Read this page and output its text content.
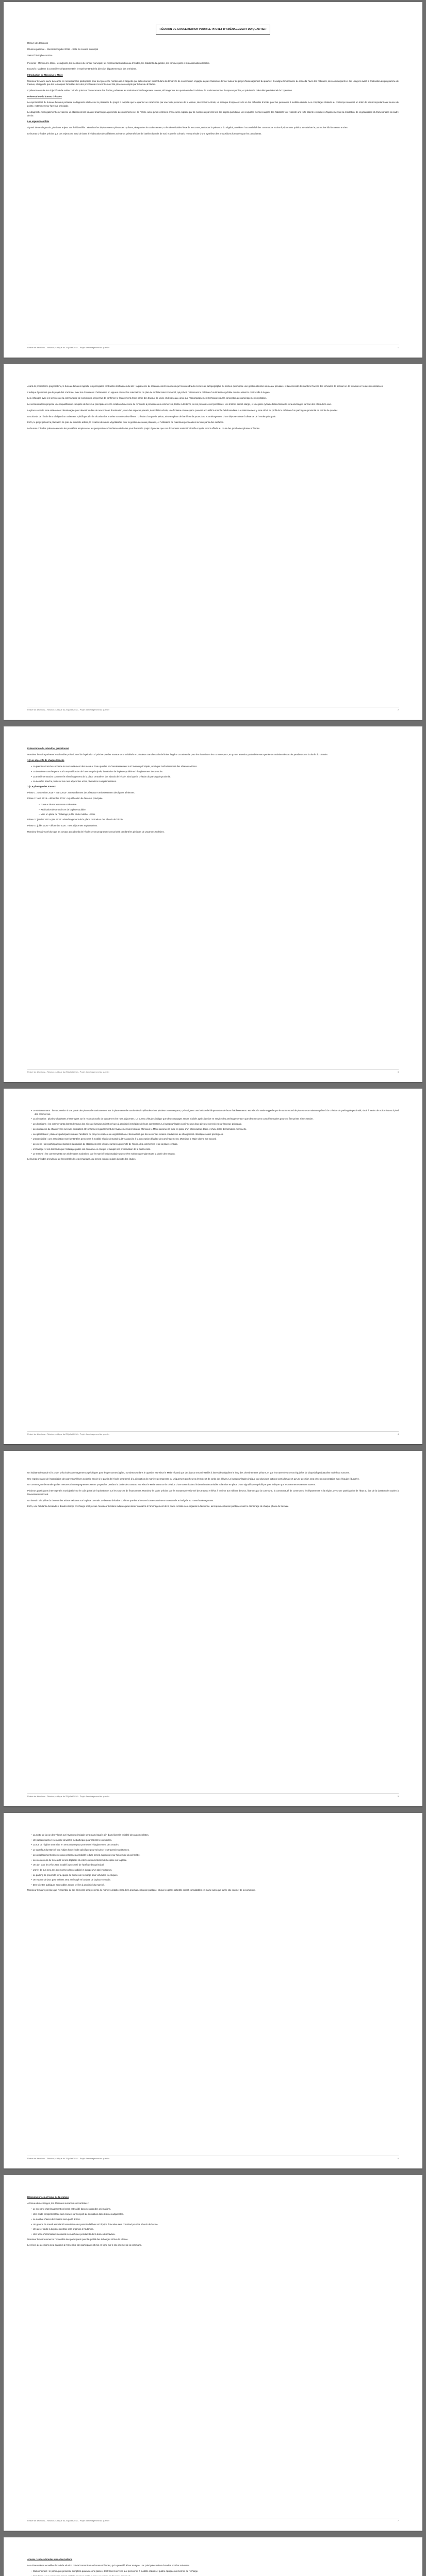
RÉUNION DE CONCERTATION POUR LE PROJET D’AMÉNAGEMENT DU QUARTIER

Relevé de décisions

Réunion publique – Mercredi 25 juillet 2018 – Salle du conseil municipal

Saint-Christophe-sur-Roc

Présents : Monsieur le Maire, les adjoints, les membres du conseil municipal, les représentants du bureau d’études, les habitants du quartier, les commerçants et les associations locales.

Excusés : Madame la conseillère départementale, le représentant de la direction départementale des territoires.

Introduction de Monsieur le Maire

Monsieur le Maire ouvre la séance en remerciant les participants pour leur présence nombreuse. Il rappelle que cette réunion s’inscrit dans la démarche de concertation engagée depuis l’automne dernier autour du projet d’aménagement du quartier. Il souligne l’importance de recueillir l’avis des habitants, des commerçants et des usagers avant la finalisation du programme de travaux, et rappelle que les remarques formulées lors des précédentes rencontres ont été prises en compte par le bureau d’études.

Il présente ensuite les objectifs de la soirée : faire le point sur l’avancement des études, présenter les scénarios d’aménagement retenus, échanger sur les questions de circulation, de stationnement et d’espaces publics, et préciser le calendrier prévisionnel de l’opération.

Présentation du bureau d’études

Le représentant du bureau d’études présente le diagnostic réalisé sur le périmètre du projet. Il rappelle que le quartier se caractérise par une forte présence de la voiture, des trottoirs étroits, un manque d’espaces verts et des difficultés d’accès pour les personnes à mobilité réduite. Les comptages réalisés au printemps montrent un trafic de transit important aux heures de pointe, notamment sur l’avenue principale.

Le diagnostic met également en évidence un stationnement souvent anarchique à proximité des commerces et de l’école, ainsi qu’un sentiment d’insécurité exprimé par de nombreux parents lors des trajets quotidiens. Les enquêtes menées auprès des habitants font ressortir une forte attente en matière d’apaisement de la circulation, de végétalisation et d’amélioration du cadre de vie.

Les enjeux identifiés

À partir de ce diagnostic, plusieurs enjeux ont été identifiés : sécuriser les déplacements piétons et cyclistes, réorganiser le stationnement, créer de véritables lieux de rencontre, renforcer la présence du végétal, améliorer l’accessibilité des commerces et des équipements publics, et valoriser le patrimoine bâti du centre ancien.

Le bureau d’études précise que ces enjeux ont servi de base à l’élaboration des différents scénarios présentés lors de l’atelier du mois de mai, et que le scénario retenu résulte d’une synthèse des propositions formulées par les participants.

Relevé de décisions – Réunion publique du 25 juillet 2018 – Projet d’aménagement du quartier	1

Avant de présenter le projet retenu, le bureau d’études rappelle les principales contraintes techniques du site : la présence de réseaux enterrés anciens qu’il conviendra de renouveler, la topographie du secteur qui impose une gestion attentive des eaux pluviales, et la nécessité de maintenir l’accès des véhicules de secours et de livraison en toutes circonstances.

Il indique également que le projet doit s’articuler avec les documents d’urbanisme en vigueur et avec les orientations du plan de mobilité intercommunal, qui prévoit notamment la création d’un itinéraire cyclable continu reliant le centre-ville à la gare.

Les échanges avec les services de la communauté de communes ont permis de confirmer le financement d’une partie des travaux de voirie et de réseaux, ainsi que l’accompagnement technique pour la conception des aménagements cyclables.

Le scénario retenu propose une requalification complète de l’avenue principale avec la création d’une zone de rencontre à proximité des commerces, limitée à 20 km/h, où les piétons seront prioritaires. Les trottoirs seront élargis, et une piste cyclable bidirectionnelle sera aménagée sur l’un des côtés de la voie.

La place centrale sera entièrement réaménagée pour devenir un lieu de rencontre et d’animation, avec des espaces plantés, du mobilier urbain, une fontaine et un espace pouvant accueillir le marché hebdomadaire. Le stationnement y sera réduit au profit de la création d’un parking de proximité en entrée de quartier.

Les abords de l’école feront l’objet d’un traitement spécifique afin de sécuriser les entrées et sorties des élèves : création d’un parvis piéton, mise en place de barrières de protection, et aménagement d’une dépose-minute à distance de l’entrée principale.

Enfin, le projet prévoit la plantation de près de soixante arbres, la création de noues végétalisées pour la gestion des eaux pluviales, et l’utilisation de matériaux perméables sur une partie des surfaces.

Le bureau d’études présente ensuite les premières esquisses et les perspectives d’ambiance réalisées pour illustrer le projet. Il précise que ces documents restent indicatifs et qu’ils seront affinés au cours des prochaines phases d’études.

Relevé de décisions – Réunion publique du 25 juillet 2018 – Projet d’aménagement du quartier	2

Présentation du calendrier prévisionnel

Monsieur le Maire présente le calendrier prévisionnel de l’opération. Il précise que les travaux seront réalisés en plusieurs tranches afin de limiter la gêne occasionnée pour les riverains et les commerçants, et qu’une attention particulière sera portée au maintien des accès pendant toute la durée du chantier.

1 ) Les objectifs de chaque tranche

•  La première tranche concerne le renouvellement des réseaux d’eau potable et d’assainissement sur l’avenue principale, ainsi que l’enfouissement des réseaux aériens.

•  La deuxième tranche porte sur la requalification de l’avenue principale, la création de la piste cyclable et l’élargissement des trottoirs.

•  La troisième tranche concerne le réaménagement de la place centrale et des abords de l’école, ainsi que la création du parking de proximité.

•  La dernière tranche porte sur les rues adjacentes et les plantations complémentaires.

2 ) Le phasage des travaux

Phase 1 : septembre 2018 – mars 2019 : renouvellement des réseaux et enfouissement des lignes aériennes.

Phase 2 : avril 2019 – décembre 2019 : requalification de l’avenue principale.

– Travaux de terrassement et de voirie.

– Réalisation des trottoirs et de la piste cyclable.

– Mise en place de l’éclairage public et du mobilier urbain.

Phase 3 : janvier 2020 – juin 2020 : réaménagement de la place centrale et des abords de l’école.

Phase 4 : juillet 2020 – décembre 2020 : rues adjacentes et plantations.

Monsieur le Maire précise que les travaux aux abords de l’école seront programmés en priorité pendant les périodes de vacances scolaires.

Relevé de décisions – Réunion publique du 25 juillet 2018 – Projet d’aménagement du quartier	3

•  Le stationnement : la suppression d’une partie des places de stationnement sur la place centrale suscite des inquiétudes chez plusieurs commerçants, qui craignent une baisse de fréquentation de leurs établissements. Monsieur le Maire rappelle que le nombre total de places sera maintenu grâce à la création du parking de proximité, situé à moins de trois minutes à pied des commerces.

•  La circulation : plusieurs habitants s’interrogent sur le report du trafic de transit vers les rues adjacentes. Le bureau d’études indique que des comptages seront réalisés après la mise en service des aménagements et que des mesures complémentaires pourront être prises si nécessaire.

•  Les livraisons : les commerçants demandent que des aires de livraison soient prévues à proximité immédiate de leurs commerces. Le bureau d’études confirme que deux aires seront créées sur l’avenue principale.

•  Les nuisances du chantier : les riverains souhaitent être informés régulièrement de l’avancement des travaux. Monsieur le Maire annonce la mise en place d’un interlocuteur dédié et d’une lettre d’information mensuelle.

•  Les plantations : plusieurs participants saluent l’ambition du projet en matière de végétalisation et demandent que des essences locales et adaptées au changement climatique soient privilégiées.

•  L’accessibilité : une association représentant les personnes à mobilité réduite demande à être associée à la conception détaillée des aménagements. Monsieur le Maire donne son accord.

•  Les vélos : des participants demandent la création de stationnements vélos sécurisés à proximité de l’école, des commerces et de la place centrale.

•  L’éclairage : il est demandé que l’éclairage public soit économe en énergie et adapté à la préservation de la biodiversité.

•  Le marché : les commerçants non sédentaires souhaitent que le marché hebdomadaire puisse être maintenu pendant toute la durée des travaux.

Le bureau d’études prend note de l’ensemble de ces remarques, qui seront intégrées dans la suite des études.

Relevé de décisions – Réunion publique du 25 juillet 2018 – Projet d’aménagement du quartier	4

Un habitant demande si le projet prévoit des aménagements spécifiques pour les personnes âgées, nombreuses dans le quartier. Monsieur le Maire répond que des bancs seront installés à intervalles réguliers le long des cheminements piétons, et que les traversées seront équipées de dispositifs podotactiles et de feux sonores.

Une représentante de l’association des parents d’élèves souhaite savoir si le parvis de l’école sera fermé à la circulation de manière permanente ou uniquement aux heures d’entrée et de sortie des élèves. Le bureau d’études indique que plusieurs options sont à l’étude et qu’une décision sera prise en concertation avec l’équipe éducative.

Un commerçant demande quelles mesures d’accompagnement seront proposées pendant la durée des travaux. Monsieur le Maire annonce la création d’une commission d’indemnisation amiable et la mise en place d’une signalétique spécifique pour indiquer que les commerces restent ouverts.

Plusieurs participants interrogent la municipalité sur le coût global de l’opération et sur les sources de financement. Monsieur le Maire précise que le montant prévisionnel des travaux s’élève à environ 3,8 millions d’euros, financés par la commune, la communauté de communes, le département et la région, avec une participation de l’État au titre de la dotation de soutien à l’investissement local.

Un riverain s’inquiète du devenir des arbres existants sur la place centrale. Le bureau d’études confirme que les arbres en bonne santé seront conservés et intégrés au nouvel aménagement.

Enfin, une habitante demande si d’autres temps d’échange sont prévus. Monsieur le Maire indique qu’un atelier consacré à l’aménagement de la place centrale sera organisé à l’automne, ainsi qu’une réunion publique avant le démarrage de chaque phase de travaux.

Relevé de décisions – Réunion publique du 25 juillet 2018 – Projet d’aménagement du quartier	5

•  La sortie de la rue des Tilleuls sur l’avenue principale sera réaménagée afin d’améliorer la visibilité des automobilistes.

•  Un plateau surélevé sera créé devant la médiathèque pour ralentir les véhicules.

•  La rue de l’Église sera mise en sens unique pour permettre l’élargissement des trottoirs.

•  Le carrefour du Marché fera l’objet d’une étude spécifique pour sécuriser les traversées piétonnes.

•  Les emplacements réservés aux personnes à mobilité réduite seront augmentés sur l’ensemble du périmètre.

•  Les conteneurs de tri sélectif seront déplacés et enterrés afin de libérer de l’espace sur la place.

•  Un abri pour les vélos sera installé à proximité de l’arrêt de bus principal.

•  L’arrêt de bus sera mis aux normes d’accessibilité et équipé d’un abri voyageurs.

•  Le parking de proximité sera équipé de bornes de recharge pour véhicules électriques.

•  Un espace de jeux pour enfants sera aménagé en bordure de la place centrale.

•  Des toilettes publiques accessibles seront créées à proximité du marché.

Monsieur le Maire précise que l’ensemble de ces éléments sera présenté de manière détaillée lors de la prochaine réunion publique, et que les plans définitifs seront consultables en mairie ainsi que sur le site internet de la commune.

Relevé de décisions – Réunion publique du 25 juillet 2018 – Projet d’aménagement du quartier	6

Décisions prises à l’issue de la réunion

À l’issue des échanges, les décisions suivantes sont arrêtées :

•  Le scénario d’aménagement présenté est validé dans ses grandes orientations.

•  Une étude complémentaire sera menée sur le report de circulation dans les rues adjacentes.

•  Le nombre d’aires de livraison sera porté à trois.

•  Un groupe de travail associant l’association des parents d’élèves et l’équipe éducative sera constitué pour les abords de l’école.

•  Un atelier dédié à la place centrale sera organisé à l’automne.

•  Une lettre d’information mensuelle sera diffusée pendant toute la durée des travaux.

Monsieur le Maire remercie l’ensemble des participants pour la qualité des échanges et lève la séance.

Le relevé de décisions sera transmis à l’ensemble des participants et mis en ligne sur le site internet de la commune.

Relevé de décisions – Réunion publique du 25 juillet 2018 – Projet d’aménagement du quartier	7

Annexe : suites données aux observations

Les observations recueillies lors de la réunion ont été transmises au bureau d’études, qui a procédé à leur analyse. Les principales suites données sont les suivantes.

•  Stationnement : le parking de proximité comptera quarante-cinq places, dont trois réservées aux personnes à mobilité réduite et quatre équipées de bornes de recharge.

•
